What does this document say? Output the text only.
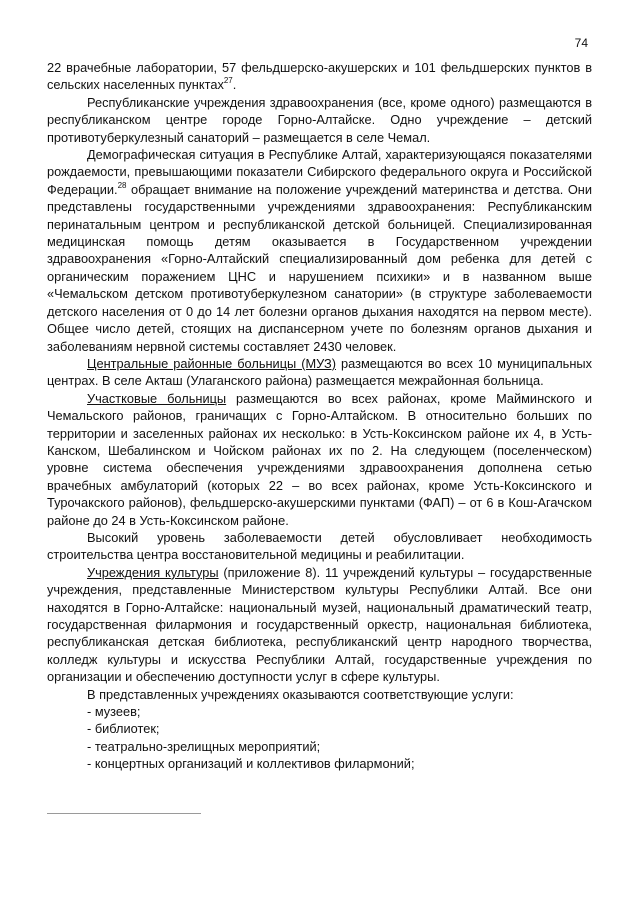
74

22 врачебные лаборатории, 57 фельдшерско-акушерских и 101 фельдшерских пунктов в сельских населенных пунктах$^{27}$.

Республиканские учреждения здравоохранения (все, кроме одного) размещаются в республиканском центре городе Горно-Алтайске. Одно учреждение – детский противотуберкулезный санаторий – размещается в селе Чемал.

Демографическая ситуация в Республике Алтай, характеризующаяся показателями рождаемости, превышающими показатели Сибирского федерального округа и Российской Федерации.$^{28}$ обращает внимание на положение учреждений материнства и детства. Они представлены государственными учреждениями здравоохранения: Республиканским перинатальным центром и республиканской детской больницей. Специализированная медицинская помощь детям оказывается в Государственном учреждении здравоохранения «Горно-Алтайский специализированный дом ребенка для детей с органическим поражением ЦНС и нарушением психики» и в названном выше «Чемальском детском противотуберкулезном санатории» (в структуре заболеваемости детского населения от 0 до 14 лет болезни органов дыхания находятся на первом месте). Общее число детей, стоящих на диспансерном учете по болезням органов дыхания и заболеваниям нервной системы составляет 2430 человек.

Центральные районные больницы (МУЗ) размещаются во всех 10 муниципальных центрах. В селе Акташ (Улаганского района) размещается межрайонная больница.

Участковые больницы размещаются во всех районах, кроме Майминского и Чемальского районов, граничащих с Горно-Алтайском. В относительно больших по территории и заселенных районах их несколько: в Усть-Коксинском районе их 4, в Усть-Канском, Шебалинском и Чойском районах их по 2. На следующем (поселенческом) уровне система обеспечения учреждениями здравоохранения дополнена сетью врачебных амбулаторий (которых 22 – во всех районах, кроме Усть-Коксинского и Турочакского районов), фельдшерско-акушерскими пунктами (ФАП) – от 6 в Кош-Агачском районе до 24 в Усть-Коксинском районе.

Высокий уровень заболеваемости детей обусловливает необходимость строительства центра восстановительной медицины и реабилитации.

Учреждения культуры (приложение 8). 11 учреждений культуры – государственные учреждения, представленные Министерством культуры Республики Алтай. Все они находятся в Горно-Алтайске: национальный музей, национальный драматический театр, государственная филармония и государственный оркестр, национальная библиотека, республиканская детская библиотека, республиканский центр народного творчества, колледж культуры и искусства Республики Алтай, государственные учреждения по организации и обеспечению доступности услуг в сфере культуры.

В представленных учреждениях оказываются соответствующие услуги:

- музеев;

- библиотек;

- театрально-зрелищных мероприятий;

- концертных организаций и коллективов филармоний;
